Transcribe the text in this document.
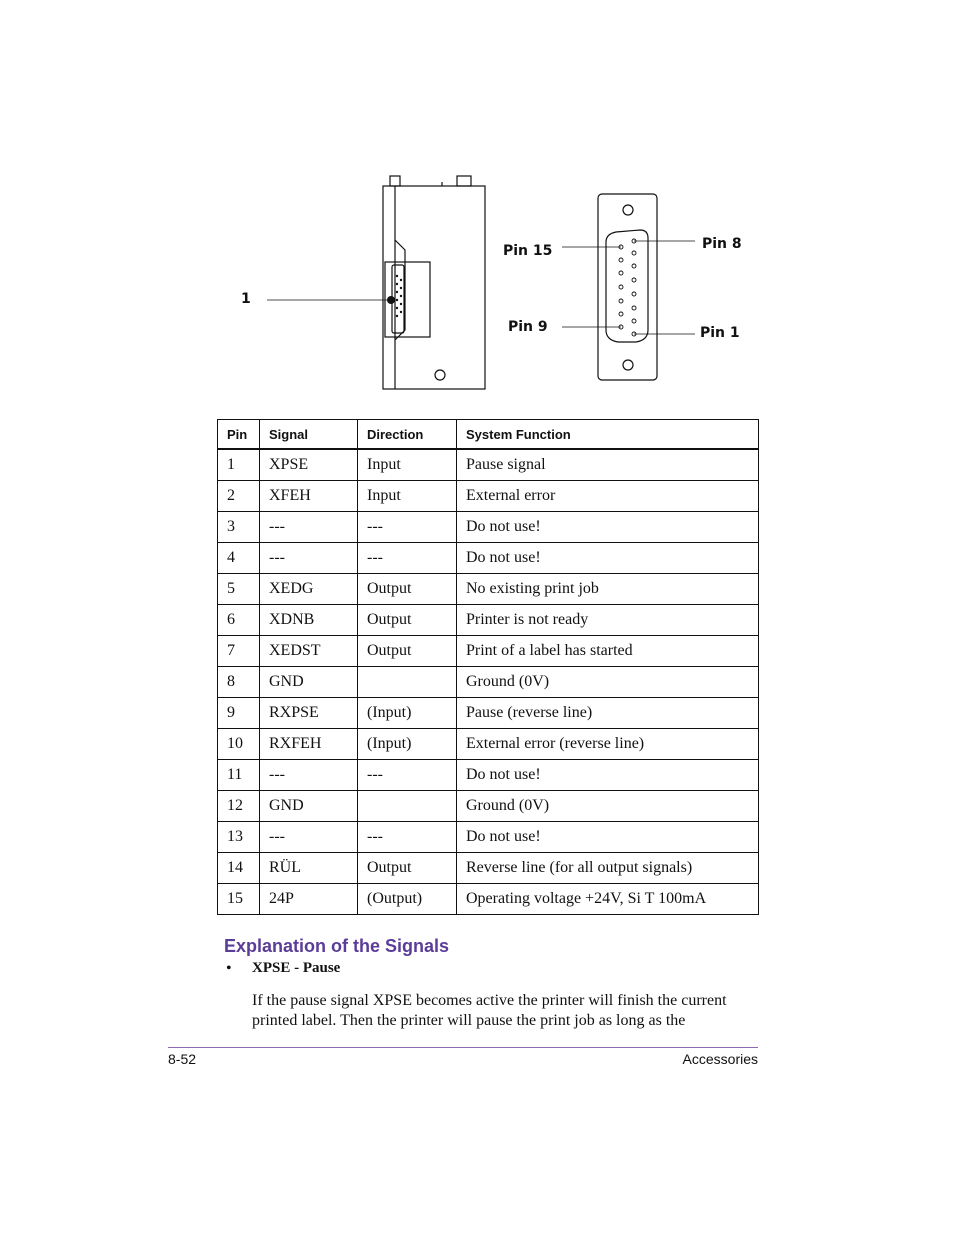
1
Pin 15
Pin 9
Pin 8
Pin 1
Pin	Signal	Direction	System Function
1	XPSE	Input	Pause signal
2	XFEH	Input	External error
3	---	---	Do not use!
4	---	---	Do not use!
5	XEDG	Output	No existing print job
6	XDNB	Output	Printer is not ready
7	XEDST	Output	Print of a label has started
8	GND		Ground (0V)
9	RXPSE	(Input)	Pause (reverse line)
10	RXFEH	(Input)	External error (reverse line)
11	---	---	Do not use!
12	GND		Ground (0V)
13	---	---	Do not use!
14	RÜL	Output	Reverse line (for all output signals)
15	24P	(Output)	Operating voltage +24V, Si T 100mA
Explanation of the Signals
• XPSE - Pause

If the pause signal XPSE becomes active the printer will finish the current printed label. Then the printer will pause the print job as long as the

8-52	Accessories
